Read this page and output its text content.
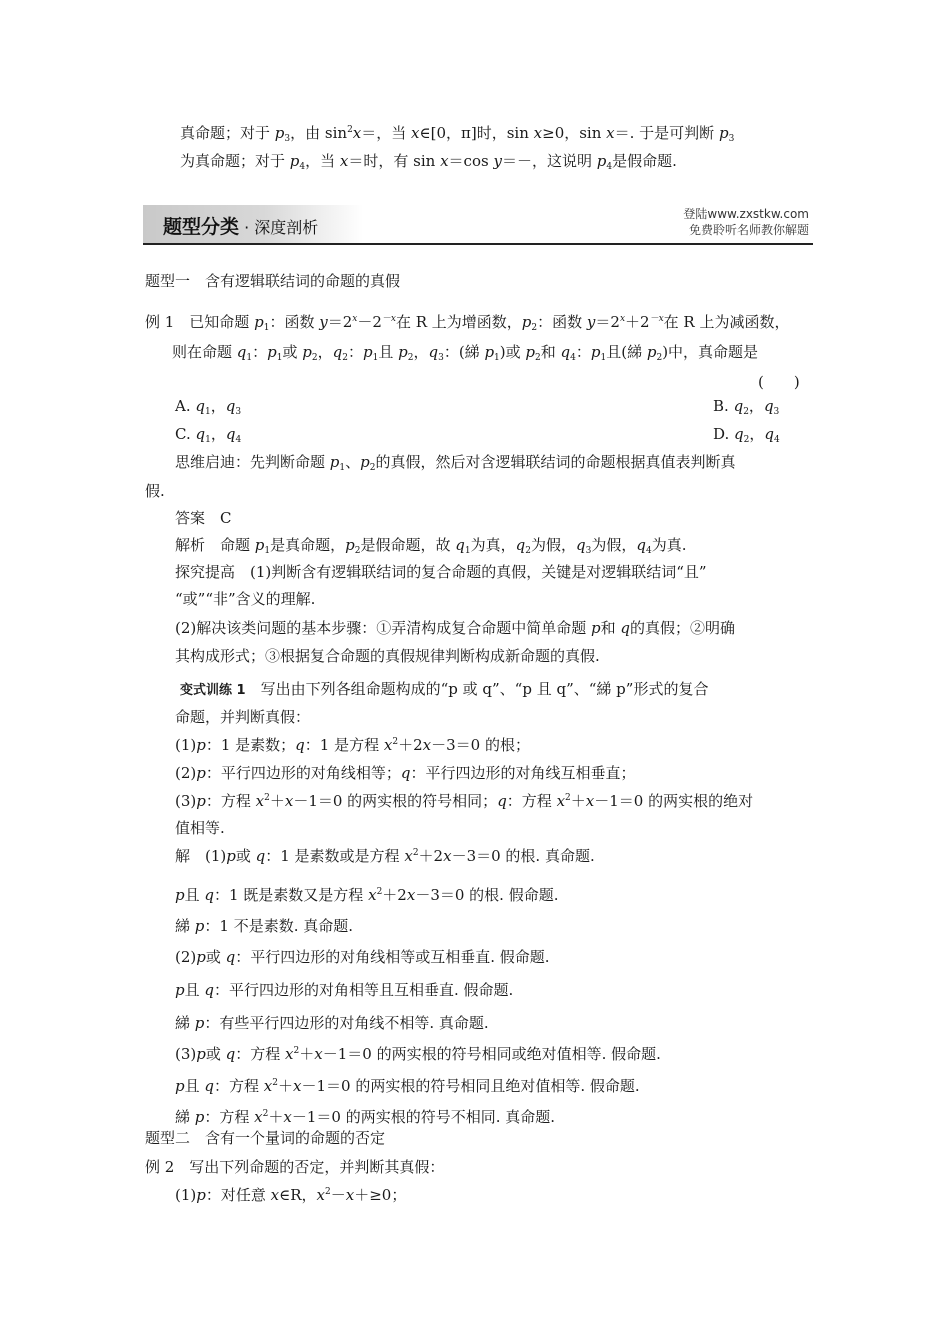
真命题；对于 $p_3$，由 $\sin^2x=$，当 x∈[0，π]时，sin x≥0，sin x＝. 于是可判断 $p_3$
为真命题；对于 $p_4$，当 x＝时，有 sin x＝cos y＝－，这说明 $p_4$是假命题.
题型分类 · 深度剖析
登陆www.zxstkw.com
免费聆听名师教你解题
题型一　含有逻辑联结词的命题的真假
例 1　已知命题 $p_1$：函数 $y=2^x-2^{-x}$在 R 上为增函数，$p_2$：函数 $y=2^x+2^{-x}$在 R 上为减函数，
则在命题 $q_1$：$p_1$或 $p_2$，$q_2$：$p_1$且 $p_2$，$q_3$：(綈 $p_1$)或 $p_2$和 $q_4$：$p_1$且(綈 $p_2$)中，真命题是
(　　)
A. $q_1$，$q_3$	B. $q_2$，$q_3$
C. $q_1$，$q_4$	D. $q_2$，$q_4$
思维启迪：先判断命题 $p_1$、$p_2$的真假，然后对含逻辑联结词的命题根据真值表判断真
假.
答案　C
解析　命题 $p_1$是真命题，$p_2$是假命题，故 $q_1$为真，$q_2$为假，$q_3$为假，$q_4$为真.
探究提高　(1)判断含有逻辑联结词的复合命题的真假，关键是对逻辑联结词“且”
“或”“非”含义的理解.
(2)解决该类问题的基本步骤：①弄清构成复合命题中简单命题 p和 q的真假；②明确
其构成形式；③根据复合命题的真假规律判断构成新命题的真假.
变式训练 1　写出由下列各组命题构成的“p 或 q”、“p 且 q”、“綈 p”形式的复合
命题，并判断真假：
(1)p：1 是素数；q：1 是方程 $x^2+2x-3=0$ 的根；
(2)p：平行四边形的对角线相等；q：平行四边形的对角线互相垂直；
(3)p：方程 $x^2+x-1=0$ 的两实根的符号相同；q：方程 $x^2+x-1=0$ 的两实根的绝对
值相等.
解　(1)p或 q：1 是素数或是方程 $x^2+2x-3=0$ 的根. 真命题.
p且 q：1 既是素数又是方程 $x^2+2x-3=0$ 的根. 假命题.
綈 p：1 不是素数. 真命题.
(2)p或 q：平行四边形的对角线相等或互相垂直. 假命题.
p且 q：平行四边形的对角相等且互相垂直. 假命题.
綈 p：有些平行四边形的对角线不相等. 真命题.
(3)p或 q：方程 $x^2+x-1=0$ 的两实根的符号相同或绝对值相等. 假命题.
p且 q：方程 $x^2+x-1=0$ 的两实根的符号相同且绝对值相等. 假命题.
綈 p：方程 $x^2+x-1=0$ 的两实根的符号不相同. 真命题.
题型二　含有一个量词的命题的否定
例 2　写出下列命题的否定，并判断其真假：
(1)p：对任意 x∈R，$x^2-x+\ge 0$；
